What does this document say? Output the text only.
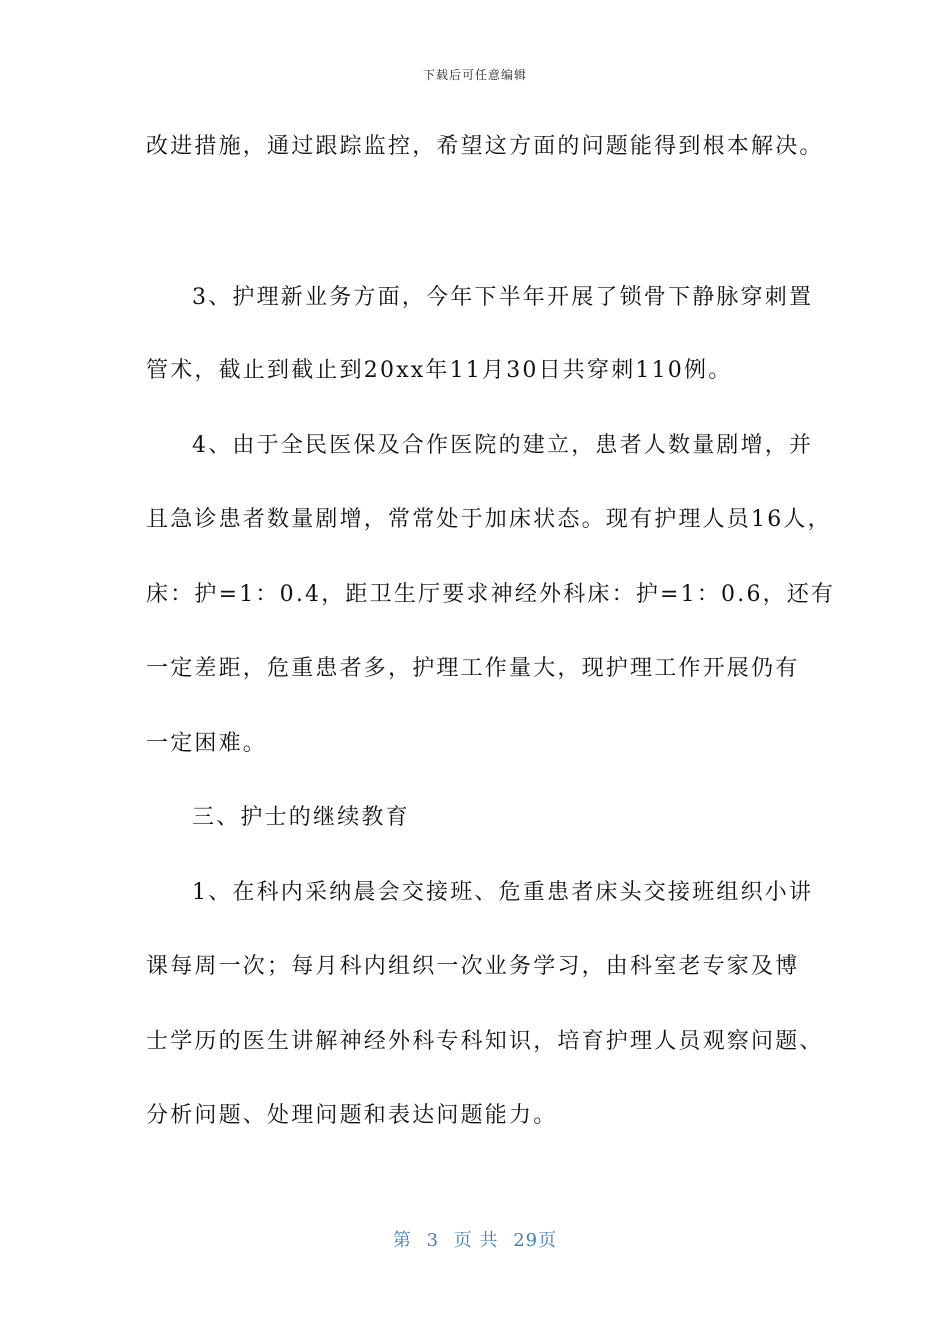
下载后可任意编辑
改进措施，通过跟踪监控，希望这方面的问题能得到根本解决。
3、护理新业务方面，今年下半年开展了锁骨下静脉穿刺置
管术，截止到截止到20xx年11月30日共穿刺110例。
4、由于全民医保及合作医院的建立，患者人数量剧增，并
且急诊患者数量剧增，常常处于加床状态。现有护理人员16人，
床：护=1：0.4，距卫生厅要求神经外科床：护=1：0.6，还有
一定差距，危重患者多，护理工作量大，现护理工作开展仍有
一定困难。
三、护士的继续教育
1、在科内采纳晨会交接班、危重患者床头交接班组织小讲
课每周一次；每月科内组织一次业务学习，由科室老专家及博
士学历的医生讲解神经外科专科知识，培育护理人员观察问题、
分析问题、处理问题和表达问题能力。
第 3 页 共 29页
